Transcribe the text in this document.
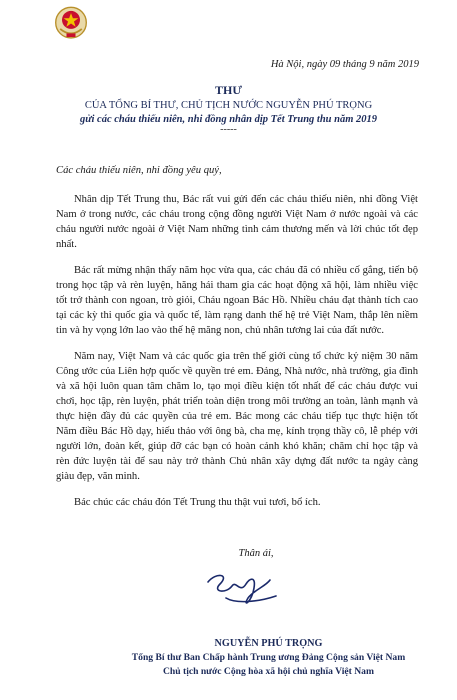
Hà Nội, ngày 09 tháng 9 năm 2019
THƯ
CỦA TỔNG BÍ THƯ, CHỦ TỊCH NƯỚC NGUYỄN PHÚ TRỌNG
gửi các cháu thiếu niên, nhi đồng nhân dịp Tết Trung thu năm 2019
-----

Các cháu thiếu niên, nhi đồng yêu quý,

Nhân dịp Tết Trung thu, Bác rất vui gửi đến các cháu thiếu niên, nhi đồng Việt Nam ở trong nước, các cháu trong cộng đồng người Việt Nam ở nước ngoài và các cháu người nước ngoài ở Việt Nam những tình cảm thương mến và lời chúc tốt đẹp nhất.

Bác rất mừng nhận thấy năm học vừa qua, các cháu đã có nhiều cố gắng, tiến bộ trong học tập và rèn luyện, hăng hái tham gia các hoạt động xã hội, làm nhiều việc tốt trở thành con ngoan, trò giỏi, Cháu ngoan Bác Hồ. Nhiều cháu đạt thành tích cao tại các kỳ thi quốc gia và quốc tế, làm rạng danh thế hệ trẻ Việt Nam, thắp lên niềm tin và hy vọng lớn lao vào thế hệ măng non, chủ nhân tương lai của đất nước.

Năm nay, Việt Nam và các quốc gia trên thế giới cùng tổ chức kỷ niệm 30 năm Công ước của Liên hợp quốc về quyền trẻ em. Đảng, Nhà nước, nhà trường, gia đình và xã hội luôn quan tâm chăm lo, tạo mọi điều kiện tốt nhất để các cháu được vui chơi, học tập, rèn luyện, phát triển toàn diện trong môi trường an toàn, lành mạnh và thực hiện đầy đủ các quyền của trẻ em. Bác mong các cháu tiếp tục thực hiện tốt Năm điều Bác Hồ dạy, hiếu thảo với ông bà, cha mẹ, kính trọng thầy cô, lễ phép với người lớn, đoàn kết, giúp đỡ các bạn có hoàn cảnh khó khăn; chăm chỉ học tập và rèn đức luyện tài để sau này trở thành Chủ nhân xây dựng đất nước ta ngày càng giàu đẹp, văn minh.

Bác chúc các cháu đón Tết Trung thu thật vui tươi, bổ ích.

Thân ái,
NGUYỄN PHÚ TRỌNG
Tổng Bí thư Ban Chấp hành Trung ương Đảng Cộng sản Việt Nam
Chủ tịch nước Cộng hòa xã hội chủ nghĩa Việt Nam
